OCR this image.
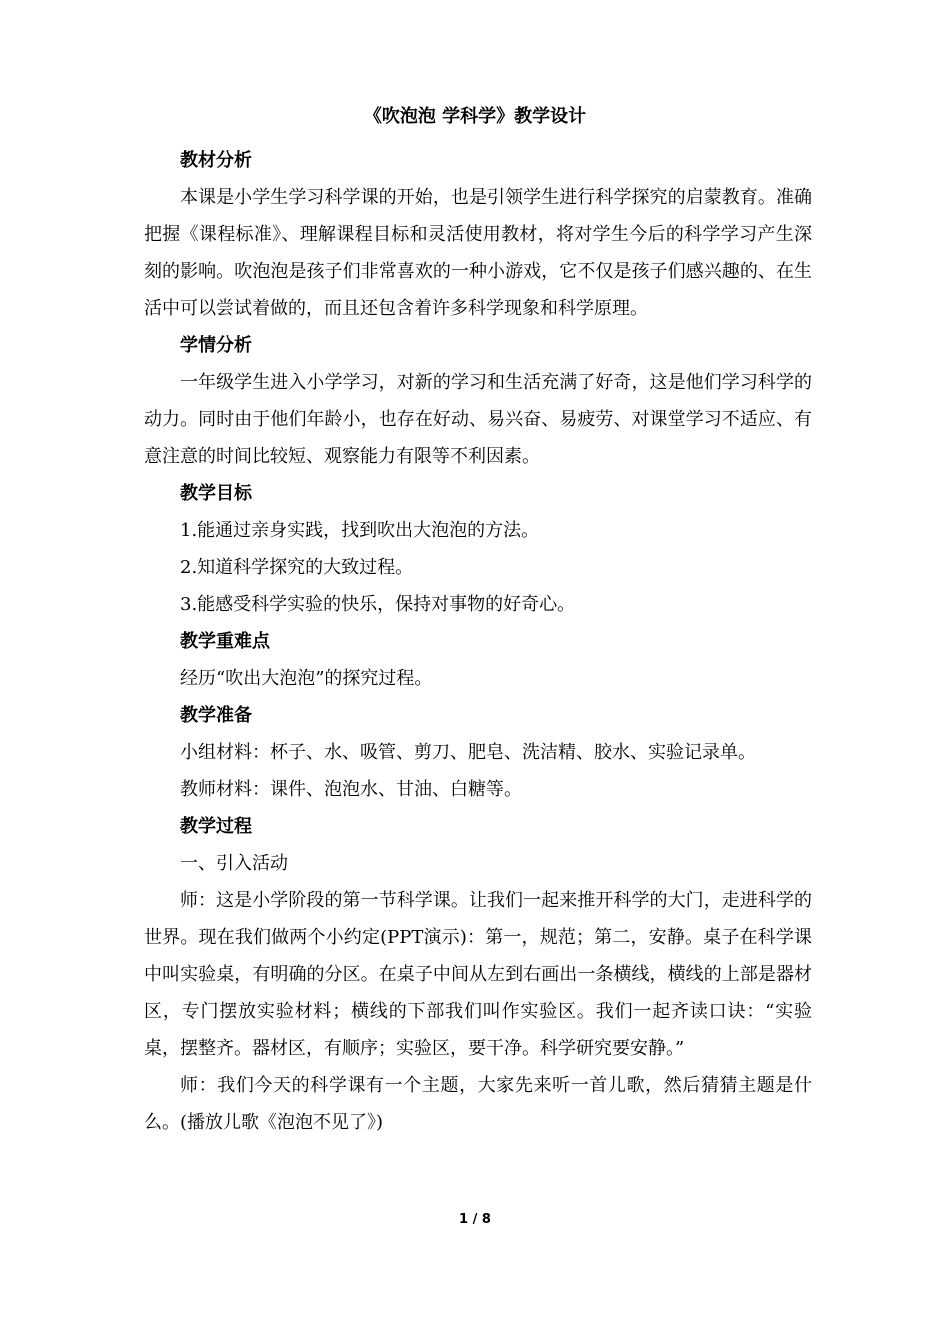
《吹泡泡 学科学》教学设计
教材分析
本课是小学生学习科学课的开始，也是引领学生进行科学探究的启蒙教育。准确把握《课程标准》、理解课程目标和灵活使用教材，将对学生今后的科学学习产生深刻的影响。吹泡泡是孩子们非常喜欢的一种小游戏，它不仅是孩子们感兴趣的、在生活中可以尝试着做的，而且还包含着许多科学现象和科学原理。
学情分析
一年级学生进入小学学习，对新的学习和生活充满了好奇，这是他们学习科学的动力。同时由于他们年龄小，也存在好动、易兴奋、易疲劳、对课堂学习不适应、有意注意的时间比较短、观察能力有限等不利因素。
教学目标
1.能通过亲身实践，找到吹出大泡泡的方法。
2.知道科学探究的大致过程。
3.能感受科学实验的快乐，保持对事物的好奇心。
教学重难点
经历“吹出大泡泡”的探究过程。
教学准备
小组材料：杯子、水、吸管、剪刀、肥皂、洗洁精、胶水、实验记录单。
教师材料：课件、泡泡水、甘油、白糖等。
教学过程
一、引入活动
师：这是小学阶段的第一节科学课。让我们一起来推开科学的大门，走进科学的世界。现在我们做两个小约定(PPT演示)：第一，规范；第二，安静。桌子在科学课中叫实验桌，有明确的分区。在桌子中间从左到右画出一条横线，横线的上部是器材区，专门摆放实验材料；横线的下部我们叫作实验区。我们一起齐读口诀：“实验桌，摆整齐。器材区，有顺序；实验区，要干净。科学研究要安静。”
师：我们今天的科学课有一个主题，大家先来听一首儿歌，然后猜猜主题是什么。(播放儿歌《泡泡不见了》)
1 / 8
